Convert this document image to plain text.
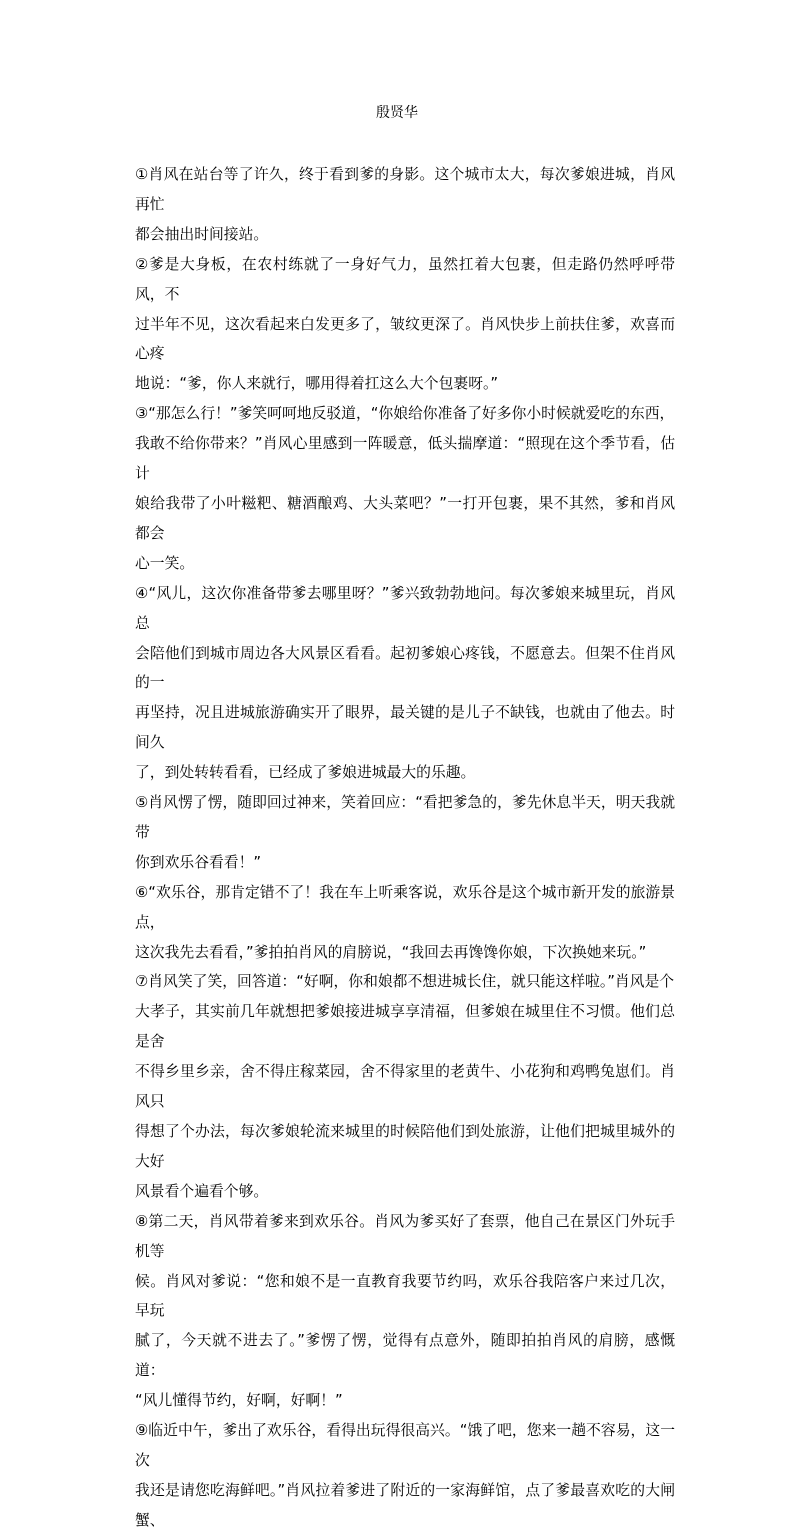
殷贤华

①肖风在站台等了许久，终于看到爹的身影。这个城市太大，每次爹娘进城，肖风再忙
都会抽出时间接站。

②爹是大身板，在农村练就了一身好气力，虽然扛着大包裹，但走路仍然呼呼带风，不
过半年不见，这次看起来白发更多了，皱纹更深了。肖风快步上前扶住爹，欢喜而心疼
地说：“爹，你人来就行，哪用得着扛这么大个包裹呀。”

③“那怎么行！”爹笑呵呵地反驳道，“你娘给你准备了好多你小时候就爱吃的东西，
我敢不给你带来？”肖风心里感到一阵暖意，低头揣摩道：“照现在这个季节看，估计
娘给我带了小叶糍粑、糖酒酿鸡、大头菜吧？”一打开包裹，果不其然，爹和肖风都会
心一笑。

④“风儿，这次你准备带爹去哪里呀？”爹兴致勃勃地问。每次爹娘来城里玩，肖风总
会陪他们到城市周边各大风景区看看。起初爹娘心疼钱，不愿意去。但架不住肖风的一
再坚持，况且进城旅游确实开了眼界，最关键的是儿子不缺钱，也就由了他去。时间久
了，到处转转看看，已经成了爹娘进城最大的乐趣。

⑤肖风愣了愣，随即回过神来，笑着回应：“看把爹急的，爹先休息半天，明天我就带
你到欢乐谷看看！”

⑥“欢乐谷，那肯定错不了！我在车上听乘客说，欢乐谷是这个城市新开发的旅游景点，
这次我先去看看，”爹拍拍肖风的肩膀说，“我回去再馋馋你娘，下次换她来玩。”

⑦肖风笑了笑，回答道：“好啊，你和娘都不想进城长住，就只能这样啦。”肖风是个
大孝子，其实前几年就想把爹娘接进城享享清福，但爹娘在城里住不习惯。他们总是舍
不得乡里乡亲，舍不得庄稼菜园，舍不得家里的老黄牛、小花狗和鸡鸭兔崽们。肖风只
得想了个办法，每次爹娘轮流来城里的时候陪他们到处旅游，让他们把城里城外的大好
风景看个遍看个够。

⑧第二天，肖风带着爹来到欢乐谷。肖风为爹买好了套票，他自己在景区门外玩手机等
候。肖风对爹说：“您和娘不是一直教育我要节约吗，欢乐谷我陪客户来过几次，早玩
腻了，今天就不进去了。”爹愣了愣，觉得有点意外，随即拍拍肖风的肩膀，感慨道：
“风儿懂得节约，好啊，好啊！”

⑨临近中午，爹出了欢乐谷，看得出玩得很高兴。“饿了吧，您来一趟不容易，这一次
我还是请您吃海鲜吧。”肖风拉着爹进了附近的一家海鲜馆，点了爹最喜欢吃的大闸蟹、
